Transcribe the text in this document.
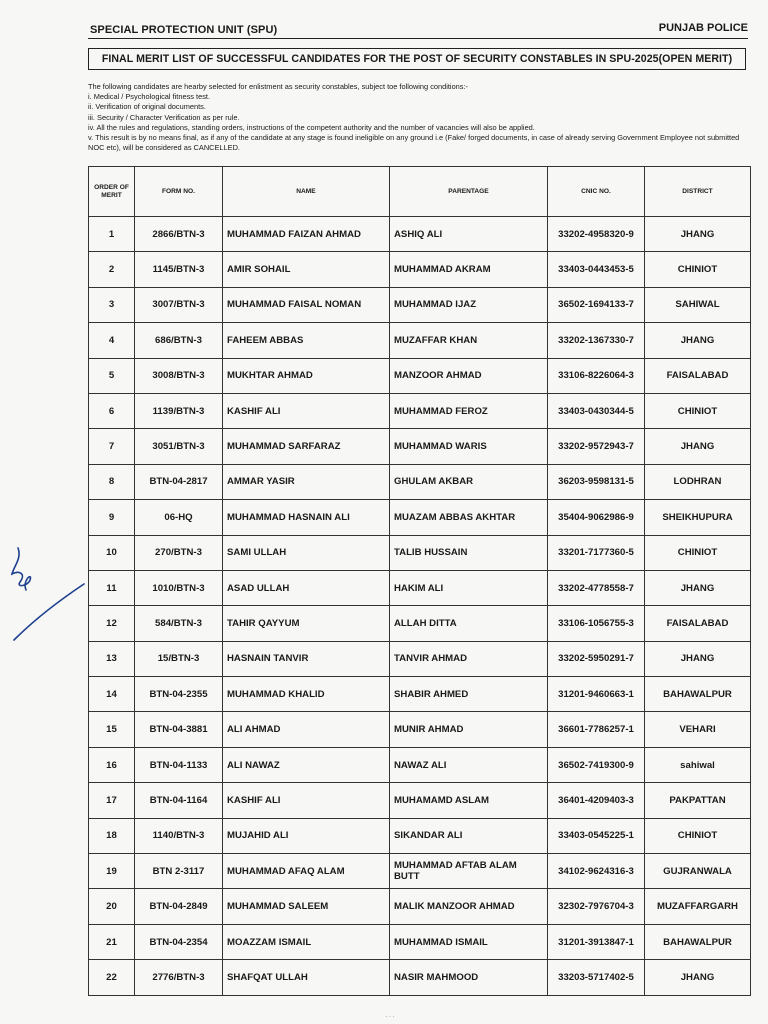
SPECIAL PROTECTION UNIT (SPU)	PUNJAB POLICE
FINAL MERIT LIST OF SUCCESSFUL CANDIDATES FOR THE POST OF SECURITY CONSTABLES IN SPU-2025(OPEN MERIT)
The following candidates are hearby selected for enlistment as security constables, subject toe following conditions:-
i. Medical / Psychological fitness test.
ii. Verification of original documents.
iii. Security / Character Verification as per rule.
iv. All the rules and regulations, standing orders, instructions of the competent authority and the number of vacancies will also be applied.
v. This result is by no means final, as if any of the candidate at any stage is found ineligible on any ground i.e (Fake/ forged documents, in case of already serving Government Employee not submitted NOC etc), will be considered as CANCELLED.
ORDER OF MERIT	FORM NO.	NAME	PARENTAGE	CNIC NO.	DISTRICT
1	2866/BTN-3	MUHAMMAD FAIZAN AHMAD	ASHIQ ALI	33202-4958320-9	JHANG
2	1145/BTN-3	AMIR SOHAIL	MUHAMMAD AKRAM	33403-0443453-5	CHINIOT
3	3007/BTN-3	MUHAMMAD FAISAL NOMAN	MUHAMMAD IJAZ	36502-1694133-7	SAHIWAL
4	686/BTN-3	FAHEEM ABBAS	MUZAFFAR KHAN	33202-1367330-7	JHANG
5	3008/BTN-3	MUKHTAR AHMAD	MANZOOR AHMAD	33106-8226064-3	FAISALABAD
6	1139/BTN-3	KASHIF ALI	MUHAMMAD FEROZ	33403-0430344-5	CHINIOT
7	3051/BTN-3	MUHAMMAD SARFARAZ	MUHAMMAD WARIS	33202-9572943-7	JHANG
8	BTN-04-2817	AMMAR YASIR	GHULAM AKBAR	36203-9598131-5	LODHRAN
9	06-HQ	MUHAMMAD HASNAIN ALI	MUAZAM ABBAS AKHTAR	35404-9062986-9	SHEIKHUPURA
10	270/BTN-3	SAMI ULLAH	TALIB HUSSAIN	33201-7177360-5	CHINIOT
11	1010/BTN-3	ASAD ULLAH	HAKIM ALI	33202-4778558-7	JHANG
12	584/BTN-3	TAHIR QAYYUM	ALLAH DITTA	33106-1056755-3	FAISALABAD
13	15/BTN-3	HASNAIN TANVIR	TANVIR AHMAD	33202-5950291-7	JHANG
14	BTN-04-2355	MUHAMMAD KHALID	SHABIR AHMED	31201-9460663-1	BAHAWALPUR
15	BTN-04-3881	ALI AHMAD	MUNIR AHMAD	36601-7786257-1	VEHARI
16	BTN-04-1133	ALI NAWAZ	NAWAZ ALI	36502-7419300-9	sahiwal
17	BTN-04-1164	KASHIF ALI	MUHAMAMD ASLAM	36401-4209403-3	PAKPATTAN
18	1140/BTN-3	MUJAHID ALI	SIKANDAR ALI	33403-0545225-1	CHINIOT
19	BTN 2-3117	MUHAMMAD AFAQ ALAM	MUHAMMAD AFTAB ALAM BUTT	34102-9624316-3	GUJRANWALA
20	BTN-04-2849	MUHAMMAD SALEEM	MALIK MANZOOR AHMAD	32302-7976704-3	MUZAFFARGARH
21	BTN-04-2354	MOAZZAM ISMAIL	MUHAMMAD ISMAIL	31201-3913847-1	BAHAWALPUR
22	2776/BTN-3	SHAFQAT ULLAH	NASIR MAHMOOD	33203-5717402-5	JHANG
· · ·
